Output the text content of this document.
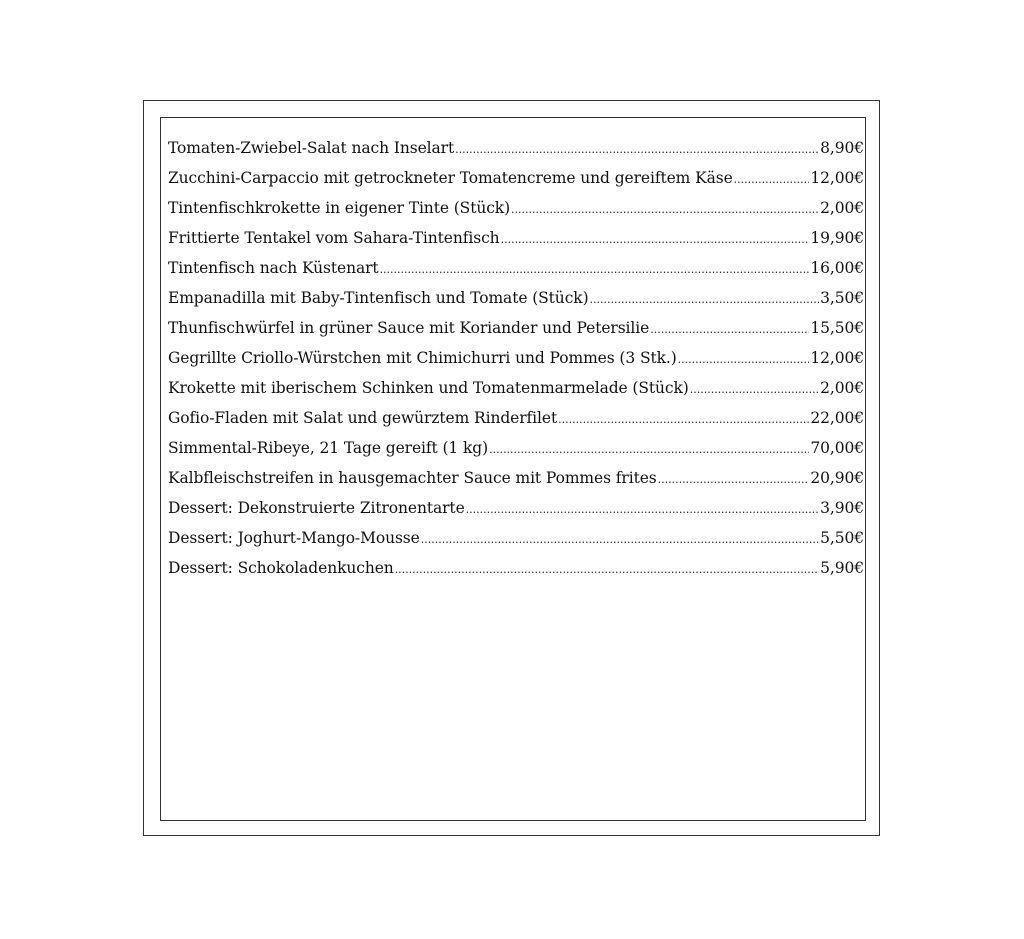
Tomaten-Zwiebel-Salat nach Inselart .....	8,90€
Zucchini-Carpaccio mit getrockneter Tomatencreme und gereiftem Käse .....	12,00€
Tintenfischkrokette in eigener Tinte (Stück) .....	2,00€
Frittierte Tentakel vom Sahara-Tintenfisch .....	19,90€
Tintenfisch nach Küstenart .....	16,00€
Empanadilla mit Baby-Tintenfisch und Tomate (Stück) .....	3,50€
Thunfischwürfel in grüner Sauce mit Koriander und Petersilie .....	15,50€
Gegrillte Criollo-Würstchen mit Chimichurri und Pommes (3 Stk.) .....	12,00€
Krokette mit iberischem Schinken und Tomatenmarmelade (Stück) .....	2,00€
Gofio-Fladen mit Salat und gewürztem Rinderfilet .....	22,00€
Simmental-Ribeye, 21 Tage gereift (1 kg) .....	70,00€
Kalbfleischstreifen in hausgemachter Sauce mit Pommes frites .....	20,90€
Dessert: Dekonstruierte Zitronentarte .....	3,90€
Dessert: Joghurt-Mango-Mousse .....	5,50€
Dessert: Schokoladenkuchen .....	5,90€
